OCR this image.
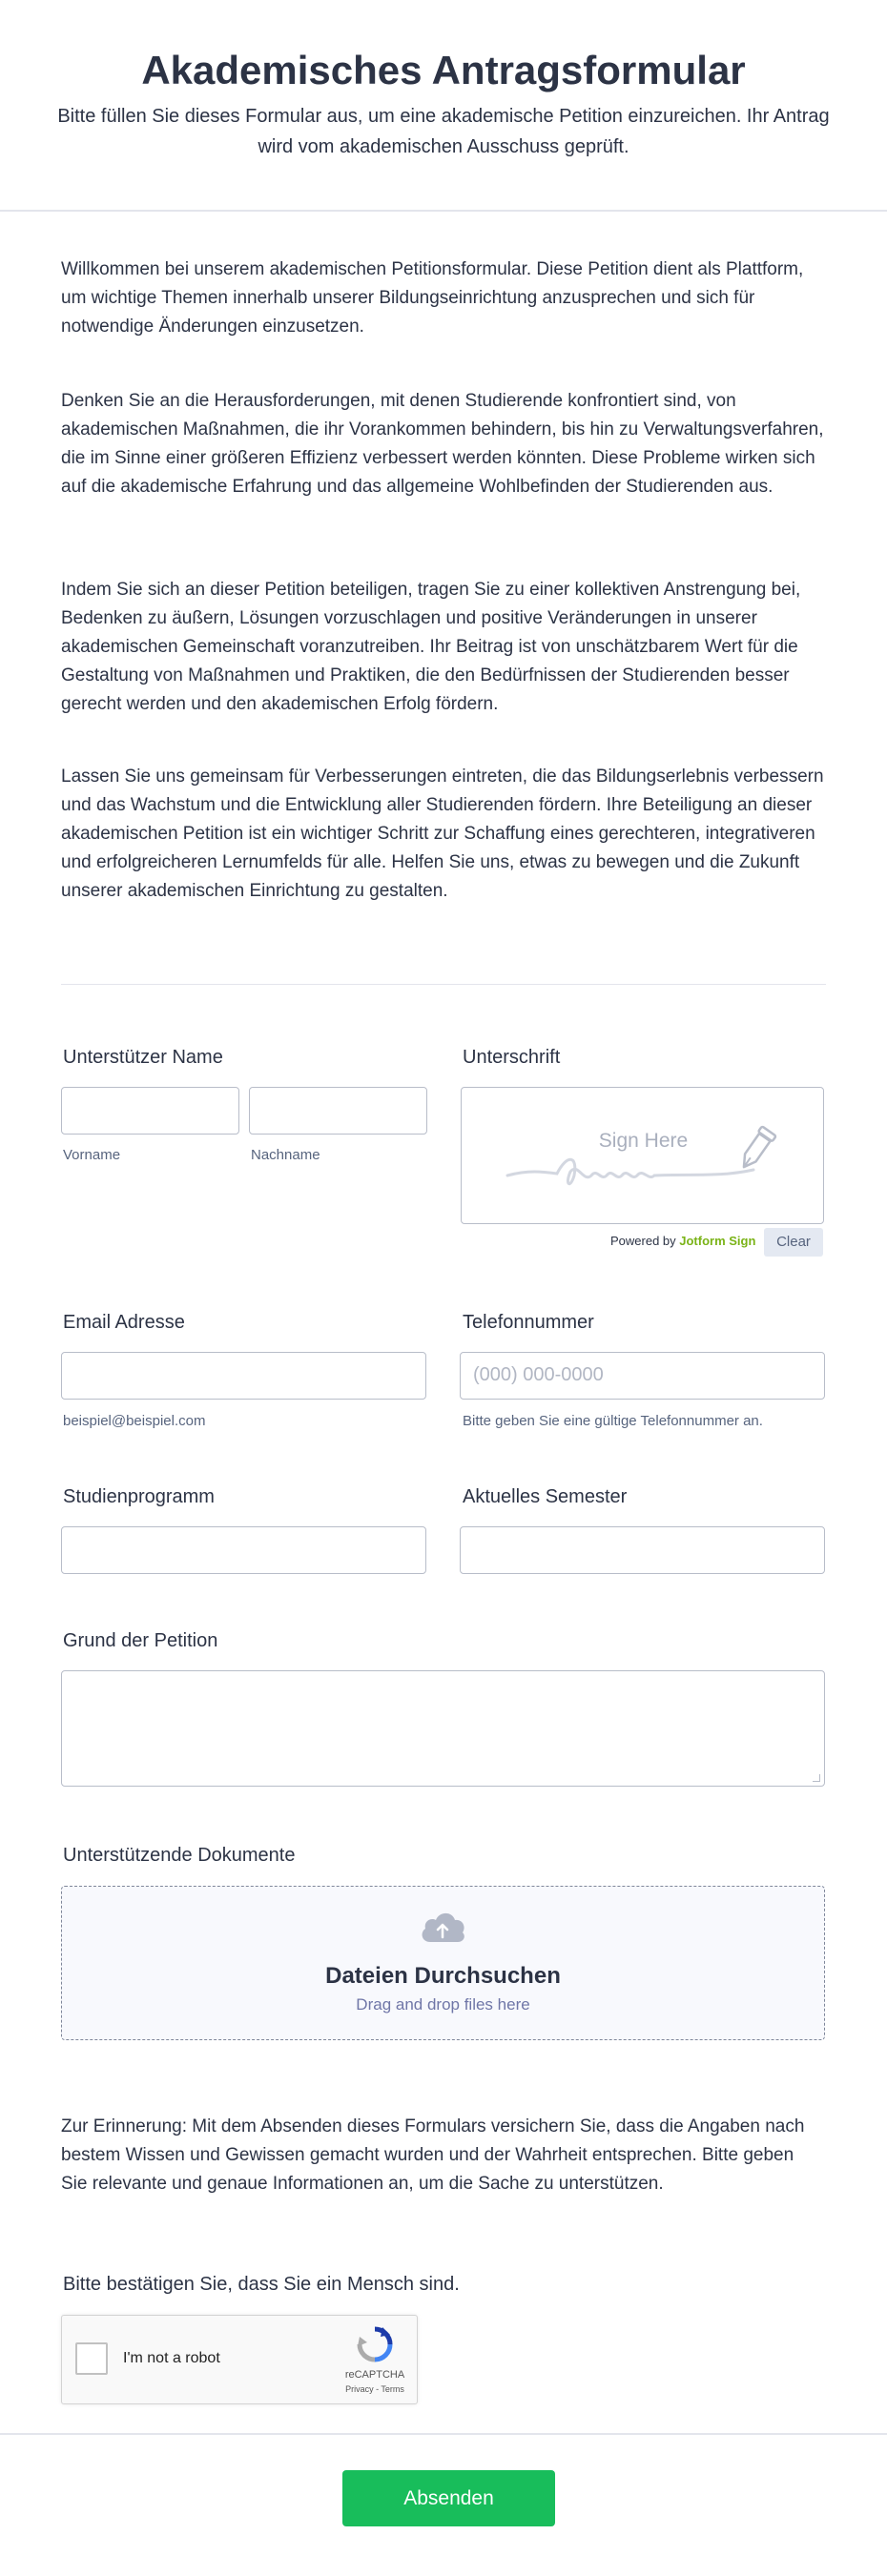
Akademisches Antragsformular
Bitte füllen Sie dieses Formular aus, um eine akademische Petition einzureichen. Ihr Antrag wird vom akademischen Ausschuss geprüft.

Willkommen bei unserem akademischen Petitionsformular. Diese Petition dient als Plattform, um wichtige Themen innerhalb unserer Bildungseinrichtung anzusprechen und sich für notwendige Änderungen einzusetzen.

Denken Sie an die Herausforderungen, mit denen Studierende konfrontiert sind, von akademischen Maßnahmen, die ihr Vorankommen behindern, bis hin zu Verwaltungsverfahren, die im Sinne einer größeren Effizienz verbessert werden könnten. Diese Probleme wirken sich auf die akademische Erfahrung und das allgemeine Wohlbefinden der Studierenden aus.

Indem Sie sich an dieser Petition beteiligen, tragen Sie zu einer kollektiven Anstrengung bei, Bedenken zu äußern, Lösungen vorzuschlagen und positive Veränderungen in unserer akademischen Gemeinschaft voranzutreiben. Ihr Beitrag ist von unschätzbarem Wert für die Gestaltung von Maßnahmen und Praktiken, die den Bedürfnissen der Studierenden besser gerecht werden und den akademischen Erfolg fördern.

Lassen Sie uns gemeinsam für Verbesserungen eintreten, die das Bildungserlebnis verbessern und das Wachstum und die Entwicklung aller Studierenden fördern. Ihre Beteiligung an dieser akademischen Petition ist ein wichtiger Schritt zur Schaffung eines gerechteren, integrativeren und erfolgreicheren Lernumfelds für alle. Helfen Sie uns, etwas zu bewegen und die Zukunft unserer akademischen Einrichtung zu gestalten.

Unterstützer Name
Vorname	Nachname
Unterschrift
Sign Here
Powered by Jotform Sign	Clear
Email Adresse
beispiel@beispiel.com
Telefonnummer
(000) 000-0000
Bitte geben Sie eine gültige Telefonnummer an.
Studienprogramm	Aktuelles Semester
Grund der Petition
Unterstützende Dokumente
Dateien Durchsuchen
Drag and drop files here

Zur Erinnerung: Mit dem Absenden dieses Formulars versichern Sie, dass die Angaben nach bestem Wissen und Gewissen gemacht wurden und der Wahrheit entsprechen. Bitte geben Sie relevante und genaue Informationen an, um die Sache zu unterstützen.

Bitte bestätigen Sie, dass Sie ein Mensch sind.
I'm not a robot
reCAPTCHA
Privacy - Terms
Absenden
